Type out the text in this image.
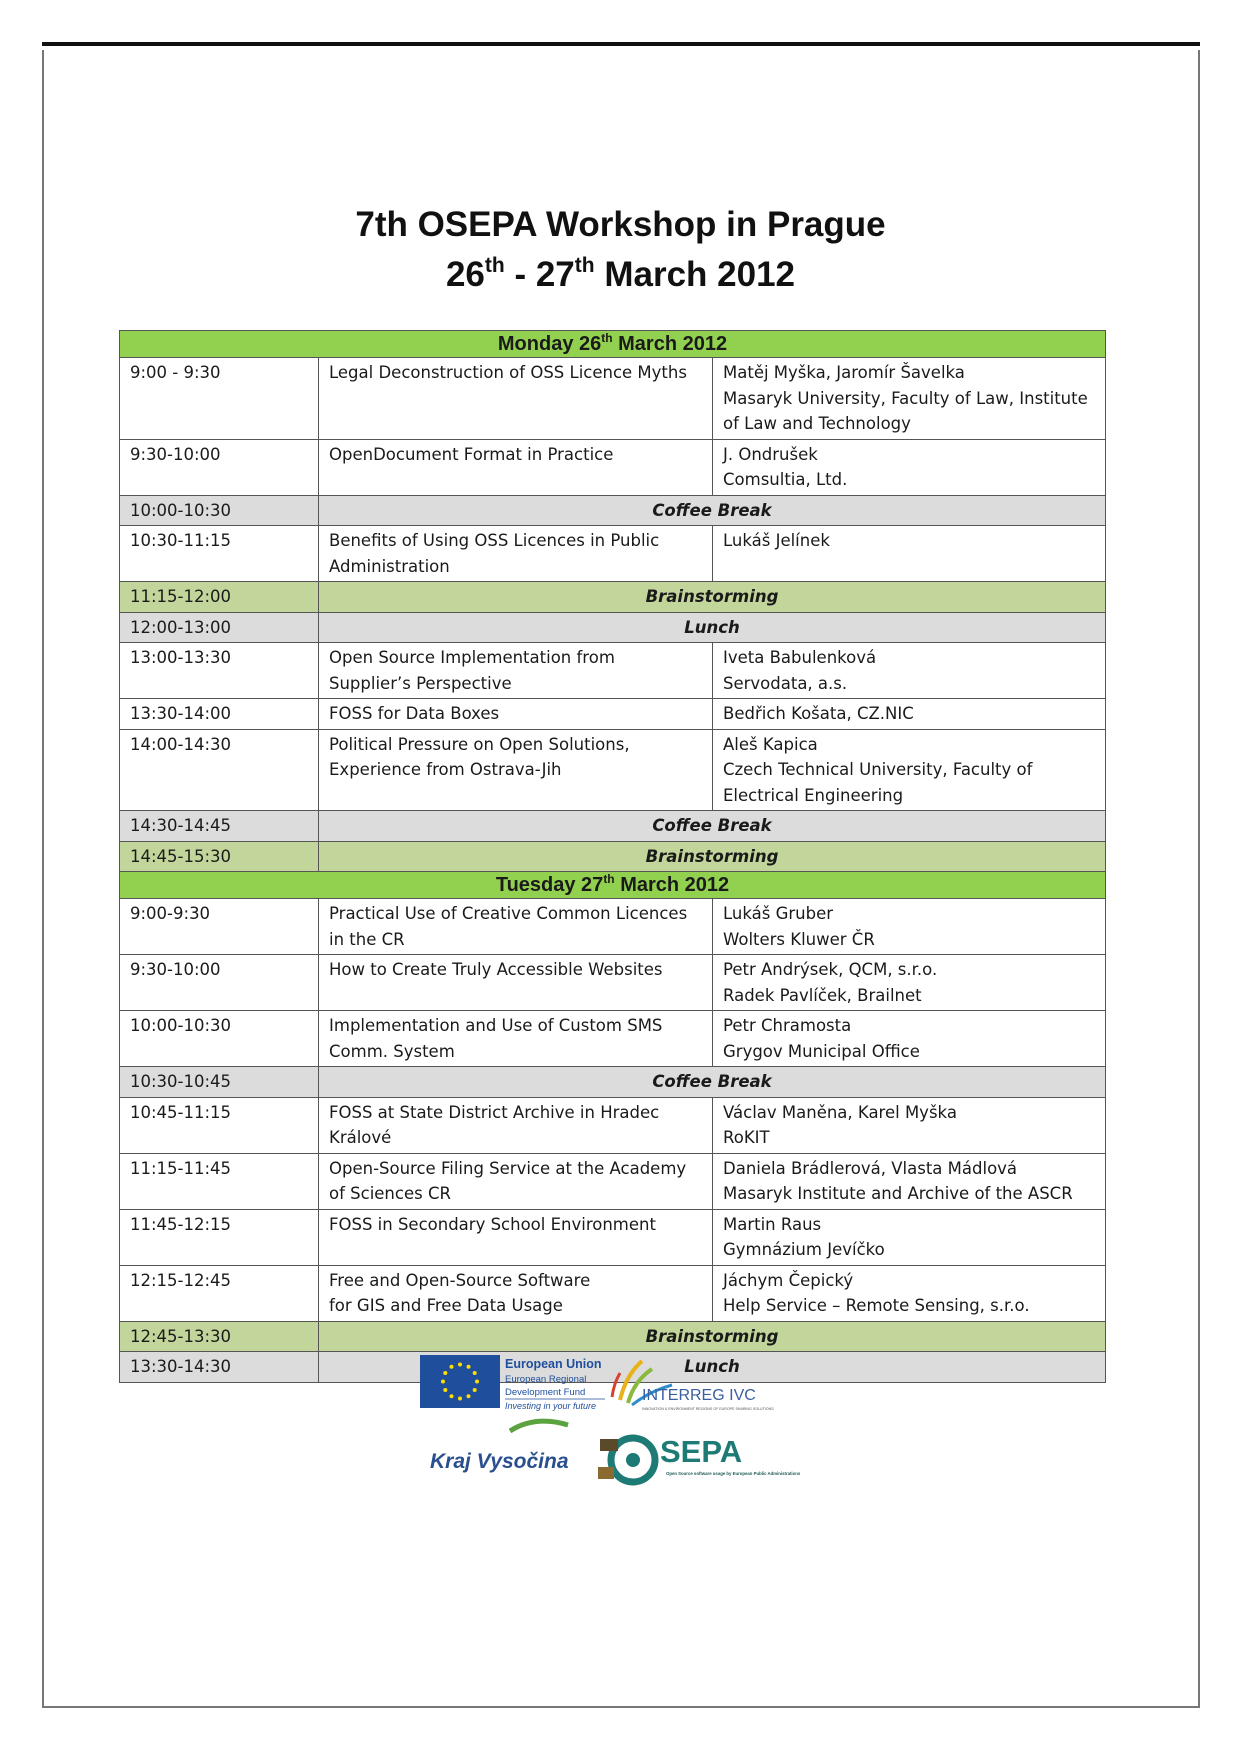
7th OSEPA Workshop in Prague
26th - 27th March 2012
Monday 26th March 2012		
9:00 - 9:30	Legal Deconstruction of OSS Licence Myths	Matěj Myška, Jaromír Šavelka
Masaryk University, Faculty of Law, Institute
of Law and Technology

9:30-10:00	OpenDocument Format in Practice	J. Ondrušek
Comsultia, Ltd.

10:00-10:30	Coffee Break	
10:30-11:15	Benefits of Using OSS Licences in Public
Administration	Lukáš Jelínek

11:15-12:00	Brainstorming	
12:00-13:00	Lunch	
13:00-13:30	Open Source Implementation from
Supplier’s Perspective	Iveta Babulenková
Servodata, a.s.

13:30-14:00	FOSS for Data Boxes	Bedřich Košata, CZ.NIC

14:00-14:30	Political Pressure on Open Solutions,
Experience from Ostrava-Jih	Aleš Kapica
Czech Technical University, Faculty of
Electrical Engineering

14:30-14:45	Coffee Break	
14:45-15:30	Brainstorming	
Tuesday 27th March 2012		
9:00-9:30	Practical Use of Creative Common Licences
in the CR	Lukáš Gruber
Wolters Kluwer ČR

9:30-10:00	How to Create Truly Accessible Websites	Petr Andrýsek, QCM, s.r.o.
Radek Pavlíček, Brailnet

10:00-10:30	Implementation and Use of Custom SMS
Comm. System	Petr Chramosta
Grygov Municipal Office

10:30-10:45	Coffee Break	
10:45-11:15	FOSS at State District Archive in Hradec
Králové	Václav Maněna, Karel Myška
RoKIT

11:15-11:45	Open-Source Filing Service at the Academy
of Sciences CR	Daniela Brádlerová, Vlasta Mádlová
Masaryk Institute and Archive of the ASCR

11:45-12:15	FOSS in Secondary School Environment	Martin Raus
Gymnázium Jevíčko

12:15-12:45	Free and Open-Source Software
for GIS and Free Data Usage	Jáchym Čepický
Help Service – Remote Sensing, s.r.o.

12:45-13:30	Brainstorming	
13:30-14:30	Lunch	
European Union
European Regional
Development Fund
Investing in your future
INTERREG IVC
INNOVATION & ENVIRONMENT REGIONS OF EUROPE SHARING SOLUTIONS
Kraj Vysočina	SEPA
Open Source software usage by European Public Administrations
